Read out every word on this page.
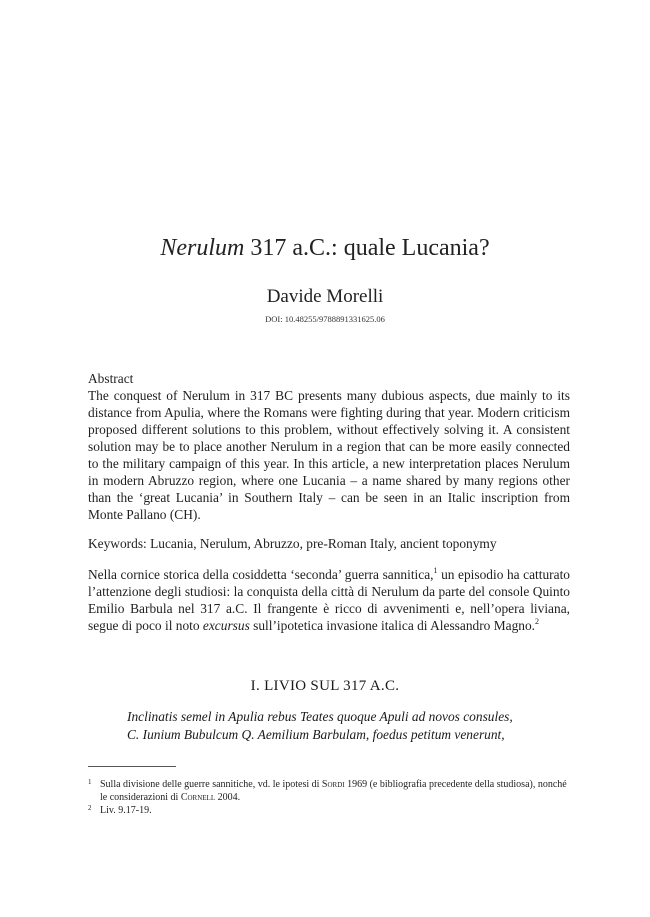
Nerulum 317 a.C.: quale Lucania?
Davide Morelli
DOI: 10.48255/9788891331625.06
Abstract
The conquest of Nerulum in 317 BC presents many dubious aspects, due mainly to its distance from Apulia, where the Romans were fighting during that year. Modern criticism proposed different solutions to this problem, without effectively solving it. A consistent solution may be to place another Nerulum in a region that can be more easily connected to the military campaign of this year. In this article, a new interpretation places Nerulum in modern Abruzzo region, where one Lucania – a name shared by many regions other than the ‘great Lucania’ in Southern Italy – can be seen in an Italic inscription from Monte Pallano (CH).
Keywords: Lucania, Nerulum, Abruzzo, pre-Roman Italy, ancient toponymy
Nella cornice storica della cosiddetta ‘seconda’ guerra sannitica,$^1$ un episodio ha catturato l’attenzione degli studiosi: la conquista della città di Nerulum da parte del console Quinto Emilio Barbula nel 317 a.C. Il frangente è ricco di avvenimenti e, nell’opera liviana, segue di poco il noto excursus sull’ipotetica invasione italica di Alessandro Magno.$^2$
I. LIVIO SUL 317 A.C.
Inclinatis semel in Apulia rebus Teates quoque Apuli ad novos consules,
C. Iunium Bubulcum Q. Aemilium Barbulam, foedus petitum venerunt,
1 Sulla divisione delle guerre sannitiche, vd. le ipotesi di Sordi 1969 (e bibliografia precedente della studiosa), nonché le considerazioni di Cornell 2004.
2 Liv. 9.17-19.
